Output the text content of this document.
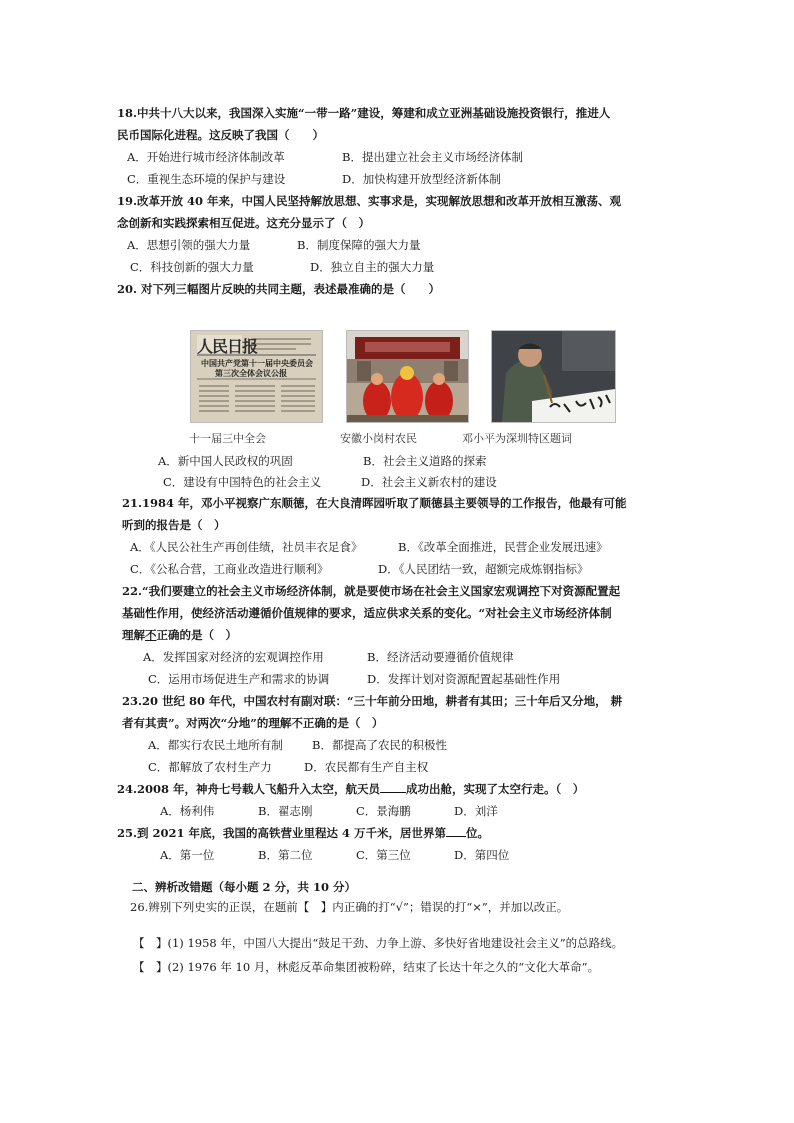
18.中共十八大以来，我国深入实施“一带一路”建设，筹建和成立亚洲基础设施投资银行，推进人
民币国际化进程。这反映了我国（　　）
A．开始进行城市经济体制改革	B．提出建立社会主义市场经济体制
C．重视生态环境的保护与建设	D．加快构建开放型经济新体制
19.改革开放 40 年来，中国人民坚持解放思想、实事求是，实现解放思想和改革开放相互激荡、观
念创新和实践探索相互促进。这充分显示了（　）
A．思想引领的强大力量	B．制度保障的强大力量
C．科技创新的强大力量	D．独立自主的强大力量
20. 对下列三幅图片反映的共同主题，表述最准确的是（　　）
人民日报
中国共产党第十一届中央委员会
第三次全体会议公报
十一届三中全会	安徽小岗村农民	邓小平为深圳特区题词
A．新中国人民政权的巩固	B．社会主义道路的探索
C．建设有中国特色的社会主义	D．社会主义新农村的建设
21.1984 年，邓小平视察广东顺德，在大良清晖园听取了顺德县主要领导的工作报告，他最有可能
听到的报告是（　）
A．《人民公社生产再创佳绩，社员丰衣足食》	B．《改革全面推进，民营企业发展迅速》
C．《公私合营，工商业改造进行顺利》	D．《人民团结一致，超额完成炼钢指标》
22.“我们要建立的社会主义市场经济体制，就是要使市场在社会主义国家宏观调控下对资源配置起
基础性作用，使经济活动遵循价值规律的要求，适应供求关系的变化。“对社会主义市场经济体制
理解不正确的是（　）
A．发挥国家对经济的宏观调控作用	B．经济活动要遵循价值规律
C．运用市场促进生产和需求的协调	D．发挥计划对资源配置起基础性作用
23.20 世纪 80 年代，中国农村有副对联：“三十年前分田地，耕者有其田；三十年后又分地， 耕
者有其责”。对两次“分地”的理解不正确的是（　）
A．都实行农民土地所有制	B．都提高了农民的积极性
C．都解放了农村生产力	D．农民都有生产自主权
24.2008 年，神舟七号载人飞船升入太空，航天员 成功出舱，实现了太空行走。（　）
A．杨利伟	B．翟志刚	C．景海鹏	D．刘洋
25.到 2021 年底，我国的高铁营业里程达 4 万千米，居世界第 位。
A．第一位	B．第二位	C．第三位	D．第四位
二、辨析改错题（每小题 2 分，共 10 分）
26.辨别下列史实的正误，在题前【　】内正确的打“√”；错误的打“×”，并加以改正。
【　】(1) 1958 年，中国八大提出“鼓足干劲、力争上游、多快好省地建设社会主义”的总路线。
【　】(2) 1976 年 10 月，林彪反革命集团被粉碎，结束了长达十年之久的“文化大革命”。
